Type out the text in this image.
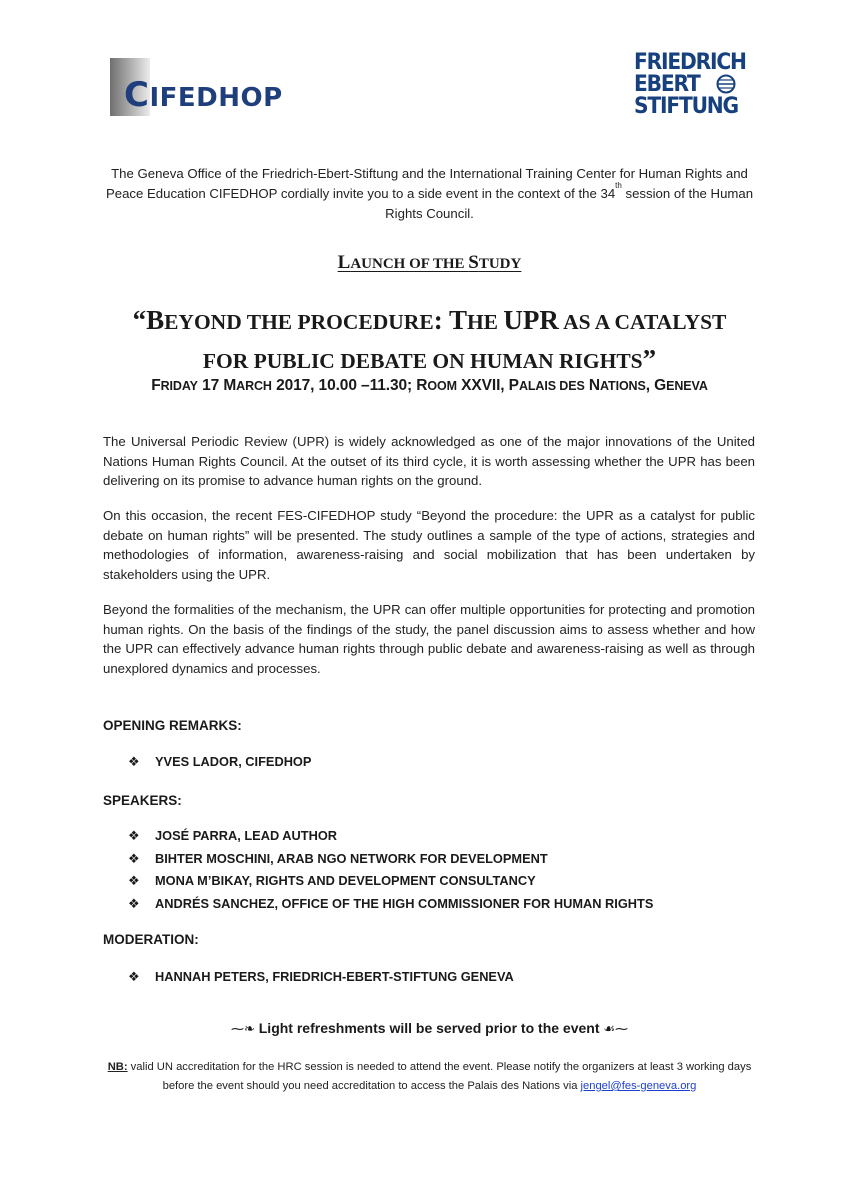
CIFEDHOP
FRIEDRICH
EBERT
STIFTUNG
The Geneva Office of the Friedrich-Ebert-Stiftung and the International Training Center for Human Rights and Peace Education CIFEDHOP cordially invite you to a side event in the context of the 34th session of the Human Rights Council.
LAUNCH OF THE STUDY
“BEYOND THE PROCEDURE: THE UPR AS A CATALYST
FOR PUBLIC DEBATE ON HUMAN RIGHTS”
FRIDAY 17 MARCH 2017, 10.00 –11.30; ROOM XXVII, PALAIS DES NATIONS, GENEVA

The Universal Periodic Review (UPR) is widely acknowledged as one of the major innovations of the United Nations Human Rights Council. At the outset of its third cycle, it is worth assessing whether the UPR has been delivering on its promise to advance human rights on the ground.

On this occasion, the recent FES-CIFEDHOP study “Beyond the procedure: the UPR as a catalyst for public debate on human rights” will be presented. The study outlines a sample of the type of actions, strategies and methodologies of information, awareness-raising and social mobilization that has been undertaken by stakeholders using the UPR.

Beyond the formalities of the mechanism, the UPR can offer multiple opportunities for protecting and promotion human rights. On the basis of the findings of the study, the panel discussion aims to assess whether and how the UPR can effectively advance human rights through public debate and awareness-raising as well as through unexplored dynamics and processes.

OPENING REMARKS:
❖ YVES LADOR, CIFEDHOP
SPEAKERS:
❖ JOSÉ PARRA, LEAD AUTHOR
❖ BIHTER MOSCHINI, ARAB NGO NETWORK FOR DEVELOPMENT
❖ MONA M’BIKAY, RIGHTS AND DEVELOPMENT CONSULTANCY
❖ ANDRÉS SANCHEZ, OFFICE OF THE HIGH COMMISSIONER FOR HUMAN RIGHTS
MODERATION:
❖ HANNAH PETERS, FRIEDRICH-EBERT-STIFTUNG GENEVA
⁓❧ Light refreshments will be served prior to the event ☙⁓
NB: valid UN accreditation for the HRC session is needed to attend the event. Please notify the organizers at least 3 working days before the event should you need accreditation to access the Palais des Nations via jengel@fes-geneva.org
